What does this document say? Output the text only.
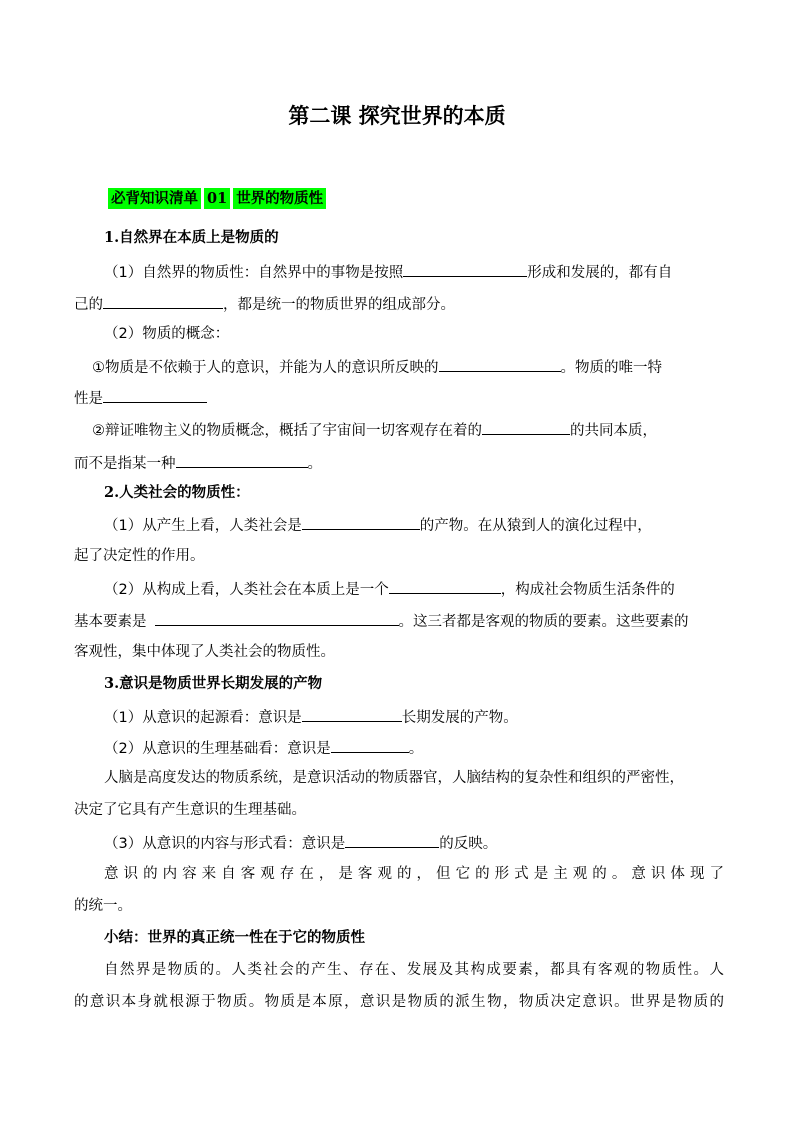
第二课 探究世界的本质
必背知识清单 01 世界的物质性
1.自然界在本质上是物质的
（1）自然界的物质性：自然界中的事物是按照	形成和发展的，都有自
己的	，都是统一的物质世界的组成部分。
（2）物质的概念：
①物质是不依赖于人的意识，并能为人的意识所反映的	。物质的唯一特
性是
②辩证唯物主义的物质概念，概括了宇宙间一切客观存在着的	的共同本质，
而不是指某一种	。
2.人类社会的物质性：
（1）从产生上看，人类社会是	的产物。在从猿到人的演化过程中，
起了决定性的作用。
（2）从构成上看，人类社会在本质上是一个	，构成社会物质生活条件的
基本要素是	。这三者都是客观的物质的要素。这些要素的
客观性，集中体现了人类社会的物质性。
3.意识是物质世界长期发展的产物
（1）从意识的起源看：意识是	长期发展的产物。
（2）从意识的生理基础看：意识是	。
人脑是高度发达的物质系统，是意识活动的物质器官，人脑结构的复杂性和组织的严密性，
决定了它具有产生意识的生理基础。
（3）从意识的内容与形式看：意识是	的反映。
意识的内容来自客观存在，是客观的，但它的形式是主观的。意识体现了
的统一。
小结：世界的真正统一性在于它的物质性
自然界是物质的。人类社会的产生、存在、发展及其构成要素，都具有客观的物质性。人
的意识本身就根源于物质。物质是本原，意识是物质的派生物，物质决定意识。世界是物质的
